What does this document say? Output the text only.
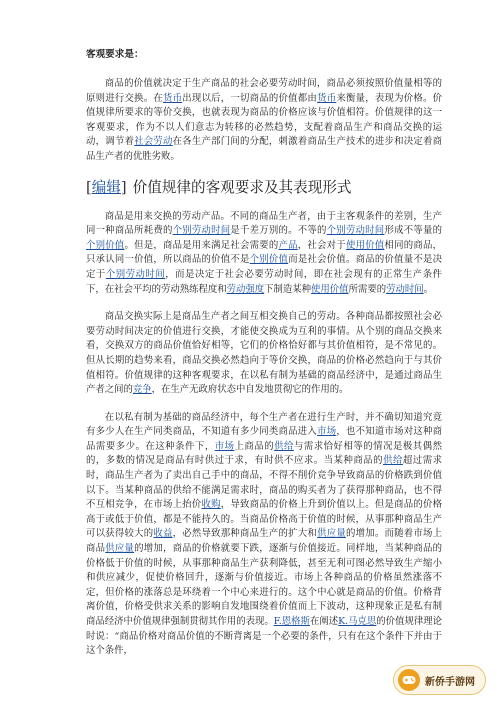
客观要求是：

商品的价值就决定于生产商品的社会必要劳动时间，商品必须按照价值量相等的原则进行交换。在货币出现以后，一切商品的价值都由货币来衡量，表现为价格。价值规律所要求的等价交换，也就表现为商品的价格应该与价值相符。价值规律的这一客观要求，作为不以人们意志为转移的必然趋势，支配着商品生产和商品交换的运动，调节着社会劳动在各生产部门间的分配，刺激着商品生产技术的进步和决定着商品生产者的优胜劣败。

[ 编辑 ] 价值规律的客观要求及其表现形式

商品是用来交换的劳动产品。不同的商品生产者，由于主客观条件的差别，生产同一种商品所耗费的个别劳动时间是千差万别的。不等的个别劳动时间形成不等量的个别价值。但是，商品是用来满足社会需要的产品，社会对于使用价值相同的商品，只承认同一价值，所以商品的价值不是个别价值而是社会价值。商品的价值量不是决定于个别劳动时间，而是决定于社会必要劳动时间，即在社会现有的正常生产条件下，在社会平均的劳动熟练程度和劳动强度下制造某种使用价值所需要的劳动时间。

商品交换实际上是商品生产者之间互相交换自己的劳动。各种商品都按照社会必要劳动时间决定的价值进行交换，才能使交换成为互利的事情。从个别的商品交换来看，交换双方的商品价值恰好相等，它们的价格恰好都与其价值相符，是不常见的。但从长期的趋势来看，商品交换必然趋向于等价交换，商品的价格必然趋向于与其价值相符。价值规律的这种客观要求，在以私有制为基础的商品经济中，是通过商品生产者之间的竞争，在生产无政府状态中自发地贯彻它的作用的。

在以私有制为基础的商品经济中，每个生产者在进行生产时，并不确切知道究竟有多少人在生产同类商品，不知道有多少同类商品进入市场，也不知道市场对这种商品需要多少。在这种条件下，市场上商品的供给与需求恰好相等的情况是极其偶然的，多数的情况是商品有时供过于求，有时供不应求。当某种商品的供给超过需求时，商品生产者为了卖出自己手中的商品，不得不削价竞争导致商品的价格跌到价值以下。当某种商品的供给不能满足需求时，商品的购买者为了获得那种商品，也不得不互相竞争，在市场上抬价收购，导致商品的价格上升到价值以上。但是商品的价格高于或低于价值，都是不能持久的。当商品价格高于价值的时候，从事那种商品生产可以获得较大的收益，必然导致那种商品生产的扩大和供应量的增加。而随着市场上商品供应量的增加，商品的价格就要下跌，逐渐与价值接近。同样地，当某种商品的价格低于价值的时候，从事那种商品生产获利降低，甚至无利可图必然导致生产缩小和供应减少，促使价格回升，逐渐与价值接近。市场上各种商品的价格虽然涨落不定，但价格的涨落总是环绕着一个中心来进行的。这个中心就是商品的价值。价格背离价值，价格受供求关系的影响自发地围绕着价值而上下波动，这种现象正是私有制商品经济中价值规律强制贯彻其作用的表现。F.恩格斯在阐述K.马克思的价值规律理论时说：“商品价格对商品价值的不断背离是一个必要的条件，只有在这个条件下并由于这个条件，

新侨手游网
